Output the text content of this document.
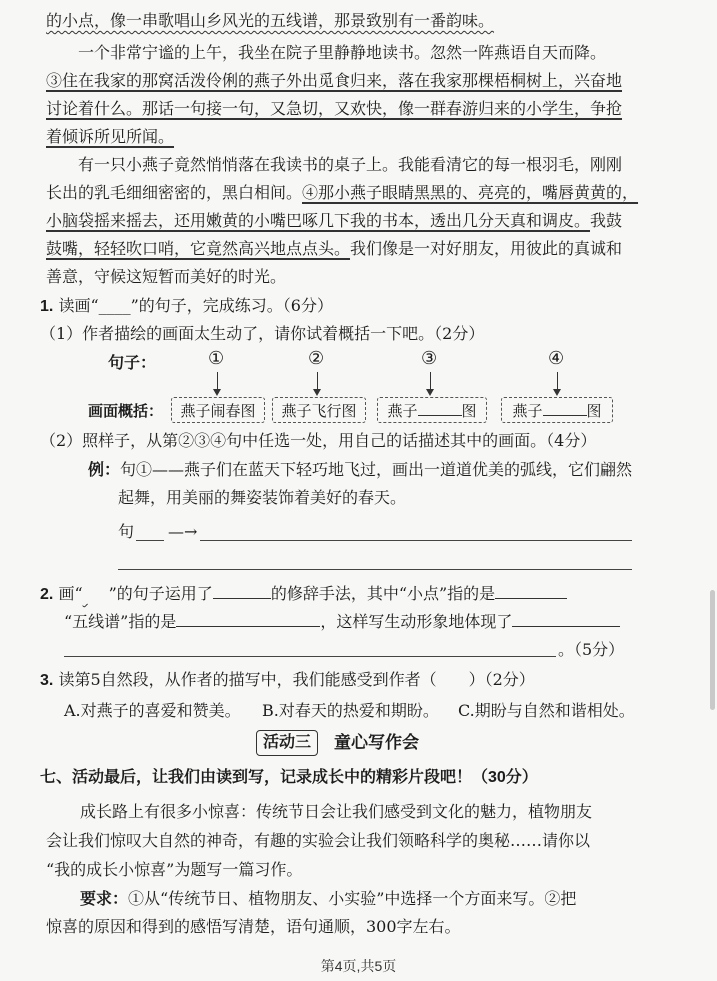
的小点，像一串歌唱山乡风光的五线谱，那景致别有一番韵味。
一个非常宁谧的上午，我坐在院子里静静地读书。忽然一阵燕语自天而降。
③住在我家的那窝活泼伶俐的燕子外出觅食归来，落在我家那棵梧桐树上，兴奋地
讨论着什么。那话一句接一句，又急切，又欢快，像一群春游归来的小学生，争抢
着倾诉所见所闻。
有一只小燕子竟然悄悄落在我读书的桌子上。我能看清它的每一根羽毛，刚刚
长出的乳毛细细密密的，黑白相间。④那小燕子眼睛黑黑的、亮亮的，嘴唇黄黄的，
小脑袋摇来摇去，还用嫩黄的小嘴巴啄几下我的书本，透出几分天真和调皮。我鼓
鼓嘴，轻轻吹口哨，它竟然高兴地点点头。我们像是一对好朋友，用彼此的真诚和
善意，守候这短暂而美好的时光。
1. 读画“____”的句子，完成练习。（6分）
（1）作者描绘的画面太生动了，请你试着概括一下吧。（2分）
句子：	①	②	③	④
画面概括：	燕子闹春图	燕子飞行图	燕子	图	燕子	图
（2）照样子，从第②③④句中任选一处，用自己的话描述其中的画面。（4分）
例：句①——燕子们在蓝天下轻巧地飞过，画出一道道优美的弧线，它们翩然
起舞，用美丽的舞姿装饰着美好的春天。
句 —→
2. 画“ ”的句子运用了	的修辞手法，其中“小点”指的是
“五线谱”指的是	，这样写生动形象地体现了
。（5分）
3. 读第5自然段，从作者的描写中，我们能感受到作者（　　）（2分）
A.对燕子的喜爱和赞美。 B.对春天的热爱和期盼。 C.期盼与自然和谐相处。
活动三	童心写作会
七、活动最后，让我们由读到写，记录成长中的精彩片段吧！（30分）
成长路上有很多小惊喜：传统节日会让我们感受到文化的魅力，植物朋友
会让我们惊叹大自然的神奇，有趣的实验会让我们领略科学的奥秘……请你以
“我的成长小惊喜”为题写一篇习作。
要求：①从“传统节日、植物朋友、小实验”中选择一个方面来写。②把
惊喜的原因和得到的感悟写清楚，语句通顺，300字左右。
第4页,共5页
